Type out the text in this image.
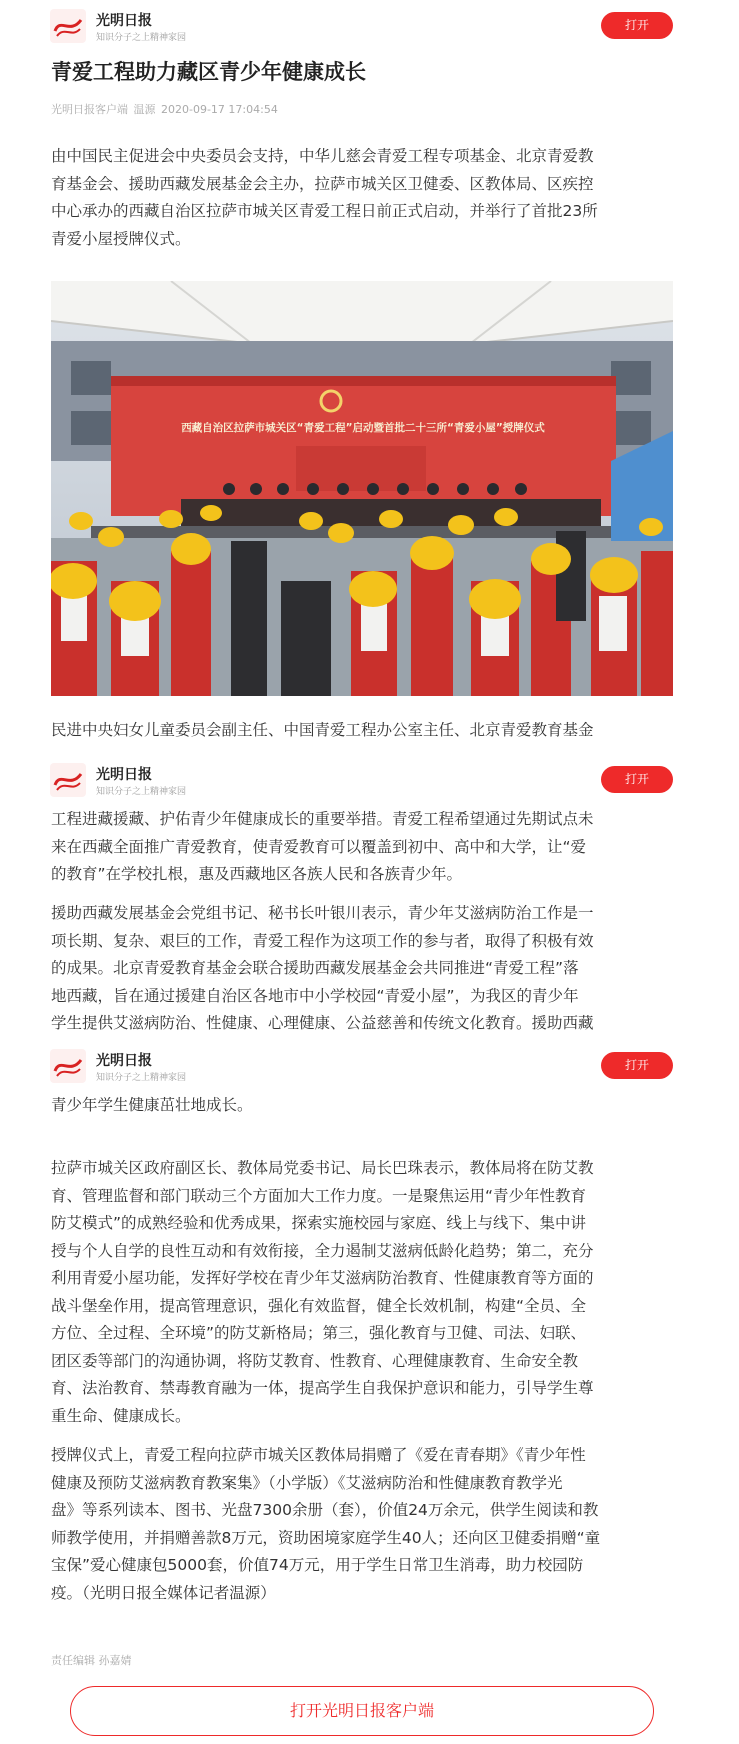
光明日报
知识分子之上精神家园
打开
青爱工程助力藏区青少年健康成长
光明日报客户端 温源 2020-09-17 17:04:54
由中国民主促进会中央委员会支持，中华儿慈会青爱工程专项基金、北京青爱教
育基金会、援助西藏发展基金会主办，拉萨市城关区卫健委、区教体局、区疾控
中心承办的西藏自治区拉萨市城关区青爱工程日前正式启动，并举行了首批23所
青爱小屋授牌仪式。
西藏自治区拉萨市城关区“青爱工程”启动暨首批二十三所“青爱小屋”授牌仪式
民进中央妇女儿童委员会副主任、中国青爱工程办公室主任、北京青爱教育基金
光明日报
知识分子之上精神家园
打开
工程进藏援藏、护佑青少年健康成长的重要举措。青爱工程希望通过先期试点未
来在西藏全面推广青爱教育，使青爱教育可以覆盖到初中、高中和大学，让“爱
的教育”在学校扎根，惠及西藏地区各族人民和各族青少年。
援助西藏发展基金会党组书记、秘书长叶银川表示，青少年艾滋病防治工作是一
项长期、复杂、艰巨的工作，青爱工程作为这项工作的参与者，取得了积极有效
的成果。北京青爱教育基金会联合援助西藏发展基金会共同推进“青爱工程”落
地西藏，旨在通过援建自治区各地市中小学校园“青爱小屋”，为我区的青少年
学生提供艾滋病防治、性健康、心理健康、公益慈善和传统文化教育。援助西藏
光明日报
知识分子之上精神家园
打开
青少年学生健康茁壮地成长。
拉萨市城关区政府副区长、教体局党委书记、局长巴珠表示，教体局将在防艾教
育、管理监督和部门联动三个方面加大工作力度。一是聚焦运用“青少年性教育
防艾模式”的成熟经验和优秀成果，探索实施校园与家庭、线上与线下、集中讲
授与个人自学的良性互动和有效衔接，全力遏制艾滋病低龄化趋势；第二，充分
利用青爱小屋功能，发挥好学校在青少年艾滋病防治教育、性健康教育等方面的
战斗堡垒作用，提高管理意识，强化有效监督，健全长效机制，构建“全员、全
方位、全过程、全环境”的防艾新格局；第三，强化教育与卫健、司法、妇联、
团区委等部门的沟通协调，将防艾教育、性教育、心理健康教育、生命安全教
育、法治教育、禁毒教育融为一体，提高学生自我保护意识和能力，引导学生尊
重生命、健康成长。
授牌仪式上，青爱工程向拉萨市城关区教体局捐赠了《爱在青春期》《青少年性
健康及预防艾滋病教育教案集》（小学版）《艾滋病防治和性健康教育教学光
盘》等系列读本、图书、光盘7300余册（套），价值24万余元，供学生阅读和教
师教学使用，并捐赠善款8万元，资助困境家庭学生40人；还向区卫健委捐赠“童
宝保”爱心健康包5000套，价值74万元，用于学生日常卫生消毒，助力校园防
疫。（光明日报全媒体记者温源）
责任编辑 孙嘉婧
打开光明日报客户端
